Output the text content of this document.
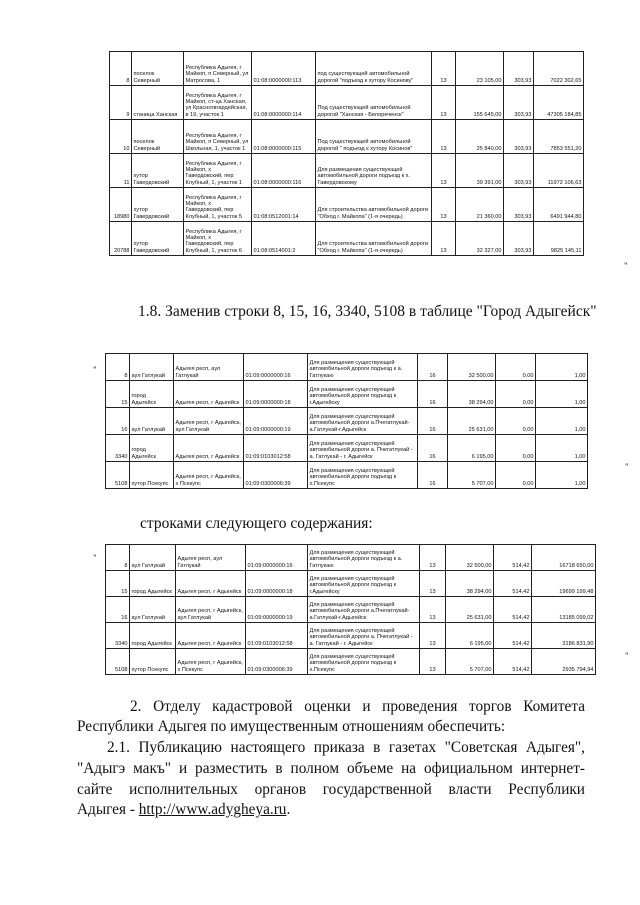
8	поселок Северный	Республика Адыгея, г Майкоп, п Северный, ул Матросова, 1	01:08:0000000:113	под существующей автомобильной дорогой "подъезд к хутору Косинову"	13	23 105,00	303,93	7022 302,65
9	станица Ханская	Республика Адыгея, г Майкоп, ст-ца Ханская, ул Красногвгардейская, в 19, участок 1	01:08:0000000:114	Под существующей автомобильной дорогой "Ханская - Белореченск"	13	155 645,00	303,93	47305 184,85
10	поселок Северный	Республика Адыгея, г Майкоп, п Северный, ул Школьная, 1, участок 1	01:08:0000000:115	Под существующей автомобильной дорогой " подъезд к хутору Косинов"	13	25 840,00	303,93	7853 551,20
11	хутор Гавердовский	Республика Адыгея, г Майкоп, х Гавердовский, пер Клубный, 1, участок 1	01:08:0000000:116	Для размещения существующей автомобильной дороги подъезд к х. Гавердовскому	13	39 391,00	303,93	11972 106,63
18980	хутор Гавердовский	Республика Адыгея, г Майкоп, х Гавердовский, пер Клубный, 1, участок 5	01:08:0512001:14	Для строительства автомобильной дороги "Обход г. Майкопа" (1-я очередь)	13	21 360,00	303,93	6491 944,80
20788	хутор Гавердовский	Республика Адыгея, г Майкоп, х Гавердовский, пер Клубный, 1, участок 6	01:08:0514001:2	Для строительства автомобильной дороги "Обход г. Майкопа" (1-я очередь)	13	32 327,00	303,93	9825 145,11
"
1.8. Заменив строки 8, 15, 16, 3340, 5108 в таблице "Город Адыгейск"
"
8	аул Гатлукай	Адыгея респ, аул Гатлукай	01:09:0000000:16	Для размещения существующей автомобильной дороги подъезд к а. Гатлукаю	16	32 500,00	0,00	1,00
15	город Адыгейск	Адыгея респ, г Адыгейск	01:09:0000000:18	Для размещения существующей автомобильной дороги подъезд к г.Адыгейску	16	38 294,00	0,00	1,00
16	аул Гатлукай	Адыгея респ, г Адыгейск, аул Гатлукай	01:09:0000000:19	Для размещения существующей автомобильной дороги а.Пчегатлукай- а.Гатлукай-г.Адыгейск	16	25 631,00	0,00	1,00
3340	город Адыгейск	Адыгея респ, г Адыгейск	01:09:0103012:58	Для размещения существующей автомобильной дороги а. Пчегатлукай - а. Гатлукай - г. Адыгейск	16	6 195,00	0,00	1,00
5108	хутор Псекупс	Адыгея респ, г Адыгейск, х Псекупс	01:09:0300006:39	Для размещения существующей автомобильной дороги подъезд к х.Псекупс	16	5 707,00	0,00	1,00
"
строками следующего содержания:
"
8	аул Гатлукай	Адыгея респ, аул Гатлукай	01:09:0000000:16	Для размещения существующей автомобильной дороги подъезд к а. Гатлукаю	13	32 500,00	514,42	16718 650,00
15	город Адыгейск	Адыгея респ, г Адыгейск	01:09:0000000:18	Для размещения существующей автомобильной дороги подъезд к г.Адыгейску	13	38 294,00	514,42	19699 199,48
16	аул Гатлукай	Адыгея респ, г Адыгейск, аул Гатлукай	01:09:0000000:19	Для размещения существующей автомобильной дороги а.Пчегатлукай- а.Гатлукай-г.Адыгейск	13	25 631,00	514,42	13185 099,02
3340	город Адыгейск	Адыгея респ, г Адыгейск	01:09:0103012:58	Для размещения существующей автомобильной дороги а. Пчегатлукай - а. Гатлукай - г. Адыгейск	13	6 195,00	514,42	3186 831,90
5108	хутор Псекупс	Адыгея респ, г Адыгейск, х Псекупс	01:09:0300006:39	Для размещения существующей автомобильной дороги подъезд к х.Псекупс	13	5 707,00	514,42	2935 794,94
"
2. Отделу кадастровой оценки и проведения торгов Комитета
Республики Адыгея по имущественным отношениям обеспечить:
2.1. Публикацию настоящего приказа в газетах "Советская Адыгея",
"Адыгэ макъ" и разместить в полном объеме на официальном интернет-
сайте исполнительных органов государственной власти Республики
Адыгея - http://www.adygheya.ru.
